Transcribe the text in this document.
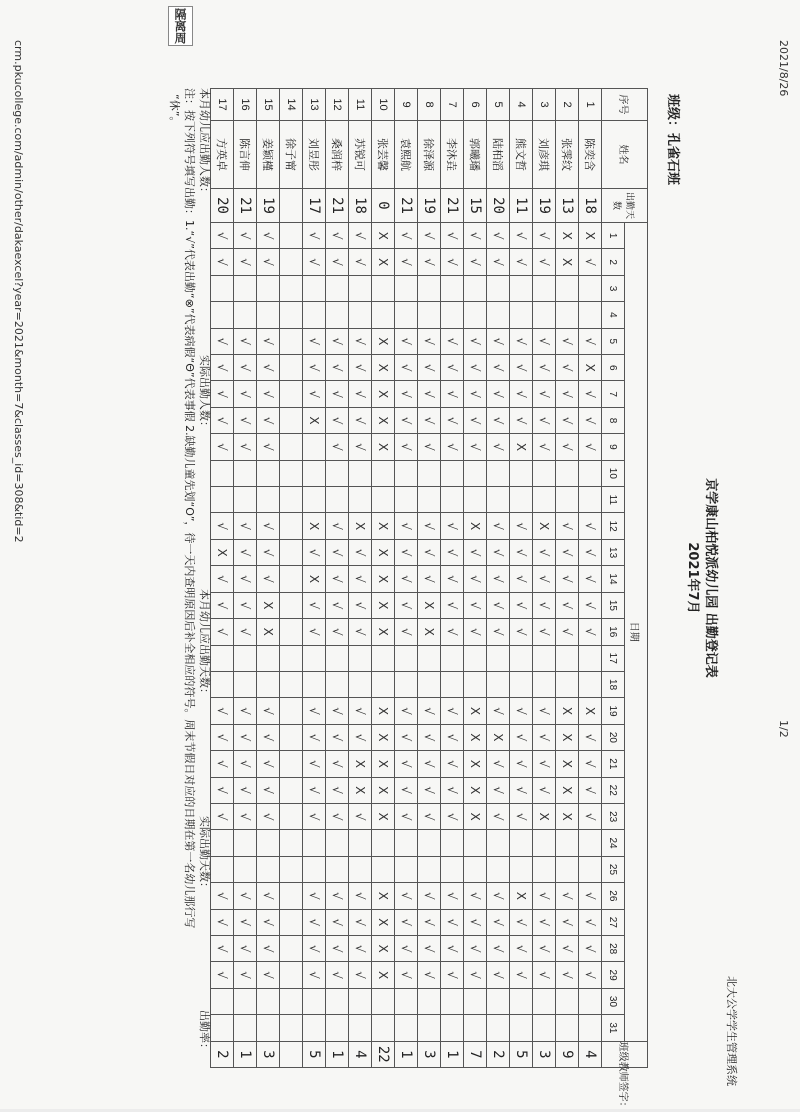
2021/8/26
1/2
crm.pkucollege.com/admin/other/dakaexcel?year=2021&month=7&classes_id=308&tid=2
隔离周
北大公学学生管理系统
京学康山柏悦派幼儿园 出勤登记表
2021年7月
班级：孔雀石班
序号	姓名	出勤天数	日期																															班级教师签字：
			1	2	3	4	5	6	7	8	9	10	11	12	13	14	15	16	17	18	19	20	21	22	23	24	25	26	27	28	29	30	31	
1	陈奕含	18	X	√			√	X	√	√	√			√	√	√	√	√			X	√	√	√	√			√	√	√	√			4
2	张霁纹	13	X	X			√	√	√	√	√			√	√	√	√	√			X	X	X	X	X			√	√	√	√			9
3	刘彦琪	19	√	√			√	√	√	√	√			X	√	√	√	√			√	√	√	√	X			√	√	√	√			3
4	熊文哲	11	√	√			√	√	√	√	X			√	√	√	√	√			√	√	√	√	√			X	√	√	√			5
5	陆柏滔	20	√	√			√	√	√	√	√			√	√	√	√	√			√	X	√	√	√			√	√	√	√			2
6	郭曦璠	15	√	√			√	√	√	√	√			X	√	√	√	√			X	X	X	X	X			√	√	√	√			7
7	李沐垚	21	√	√			√	√	√	√	√			√	√	√	√	√			√	√	√	√	√			√	√	√	√			1
8	徐泽源	19	√	√			√	√	√	√	√			√	√	√	X	X			√	√	√	√	√			√	√	√	√			3
9	袁熙航	21	√	√			√	√	√	√	√			√	√	√	√	√			√	√	√	√	√			√	√	√	√			1
10	张芸馨	0	X	X			X	X	X	X	X			X	X	X	X	X			X	X	X	X	X			X	X	X	X			22
11	苏锐可	18	√	√			√	√	√	√	√			X	√	√	√	√			√	√	X	X	√			√	√	√	√			4
12	桑润梓	21	√	√			√	√	√	√	√			√	√	√	√	√			√	√	√	√	√			√	√	√	√			1
13	刘昱彤	17	√	√			√	√	√	X				X	√	X	√	√			√	√	√	√	√			√	√	√	√			5
14	徐子甯																																	
15	姜颖槿	19	√	√			√	√	√	√	√			√	√	√	X	X			√	√	√	√	√			√	√	√	√			3
16	陈言伸	21	√	√			√	√	√	√	√			√	√	√	√	√			√	√	√	√	√			√	√	√	√			1
17	方英卓	20	√	√			√	√	√	√	√			√	X	√	√	√			√	√	√	√	√			√	√	√	√			2
本月幼儿应出勤人数：  实际出勤人数：  本月幼儿应出勤天数：  实际出勤天数：  出勤率：
注：按下列符号填写出勤：1.“√”代表出勤“⊗”代表病假“Θ”代表事假 2.缺勤儿童先划“O”，待一天内查明原因后补全相应的符号。周末节假日对应的日期在第一名幼儿那行写
“休”。
